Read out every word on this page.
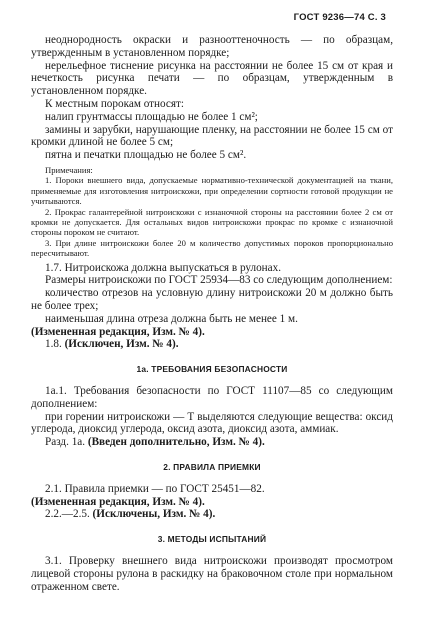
ГОСТ 9236—74 С. 3

неоднородность окраски и разнооттеночность — по образцам, утвержденным в установленном порядке;

нерельефное тиснение рисунка на расстоянии не более 15 см от края и нечеткость рисунка печати — по образцам, утвержденным в установленном порядке.

К местным порокам относят:

налип грунтмассы площадью не более 1 см²;

замины и зарубки, нарушающие пленку, на расстоянии не более 15 см от кромки длиной не более 5 см;

пятна и печатки площадью не более 5 см².

Примечания:

1. Пороки внешнего вида, допускаемые нормативно-технической документацией на ткани, применяемые для изготовления нитроискожи, при определении сортности готовой продукции не учитываются.

2. Прокрас галантерейной нитроискожи с изнаночной стороны на расстоянии более 2 см от кромки не допускается. Для остальных видов нитроискожи прокрас по кромке с изнаночной стороны пороком не считают.

3. При длине нитроискожи более 20 м количество допустимых пороков пропорционально пересчитывают.

1.7. Нитроискожа должна выпускаться в рулонах.

Размеры нитроискожи по ГОСТ 25934—83 со следующим дополнением:

количество отрезов на условную длину нитроискожи 20 м должно быть не более трех;

наименьшая длина отреза должна быть не менее 1 м.

(Измененная редакция, Изм. № 4).

1.8. (Исключен, Изм. № 4).

1а. ТРЕБОВАНИЯ БЕЗОПАСНОСТИ

1а.1. Требования безопасности по ГОСТ 11107—85 со следующим дополнением:

при горении нитроискожи — Т выделяются следующие вещества: оксид углерода, диоксид углерода, оксид азота, диоксид азота, аммиак.

Разд. 1а. (Введен дополнительно, Изм. № 4).

2. ПРАВИЛА ПРИЕМКИ

2.1. Правила приемки — по ГОСТ 25451—82.

(Измененная редакция, Изм. № 4).

2.2.—2.5. (Исключены, Изм. № 4).

3. МЕТОДЫ ИСПЫТАНИЙ

3.1. Проверку внешнего вида нитроискожи производят просмотром лицевой стороны рулона в раскидку на браковочном столе при нормальном отраженном свете.
